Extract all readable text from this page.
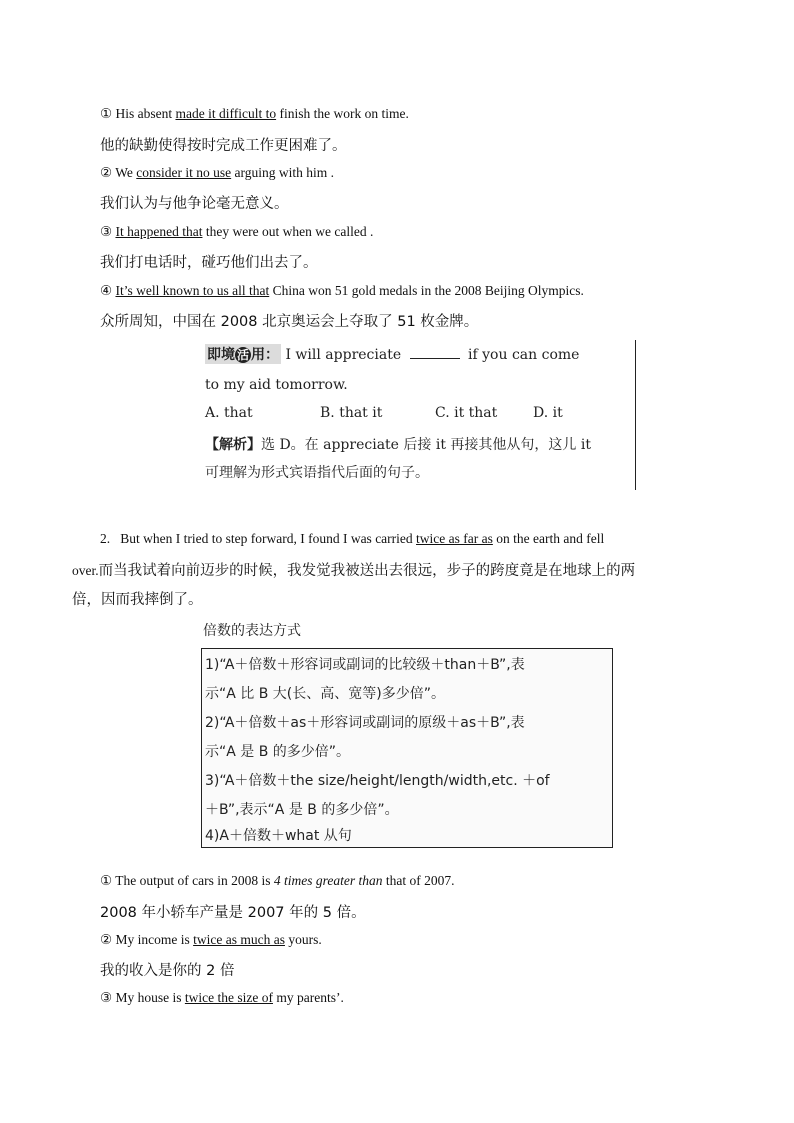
① His absent made it difficult to finish the work on time.
他的缺勤使得按时完成工作更困难了。
② We consider it no use arguing with him .
我们认为与他争论毫无意义。
③ It happened that they were out when we called .
我们打电话时，碰巧他们出去了。
④ It’s well known to us all that China won 51 gold medals in the 2008 Beijing Olympics.
众所周知，中国在 2008 北京奥运会上夺取了 51 枚金牌。
即境 活 用： I will appreciate	if you can come
to my aid tomorrow.
A. that	B. that it	C. it that	D. it
【解析】选 D。在 appreciate 后接 it 再接其他从句，这儿 it
可理解为形式宾语指代后面的句子。
2. But when I tried to step forward, I found I was carried twice as far as on the earth and fell
over.而当我试着向前迈步的时候，我发觉我被送出去很远，步子的跨度竟是在地球上的两
倍，因而我摔倒了。
倍数的表达方式
1)“A＋倍数＋形容词或副词的比较级＋than＋B”,表
示“A 比 B 大(长、高、宽等)多少倍”。
2)“A＋倍数＋as＋形容词或副词的原级＋as＋B”,表
示“A 是 B 的多少倍”。
3)“A＋倍数＋the size/height/length/width,etc. ＋of
＋B”,表示“A 是 B 的多少倍”。
4)A＋倍数＋what 从句
① The output of cars in 2008 is 4 times greater than that of 2007.
2008 年小轿车产量是 2007 年的 5 倍。
② My income is twice as much as yours.
我的收入是你的 2 倍
③ My house is twice the size of my parents’.
